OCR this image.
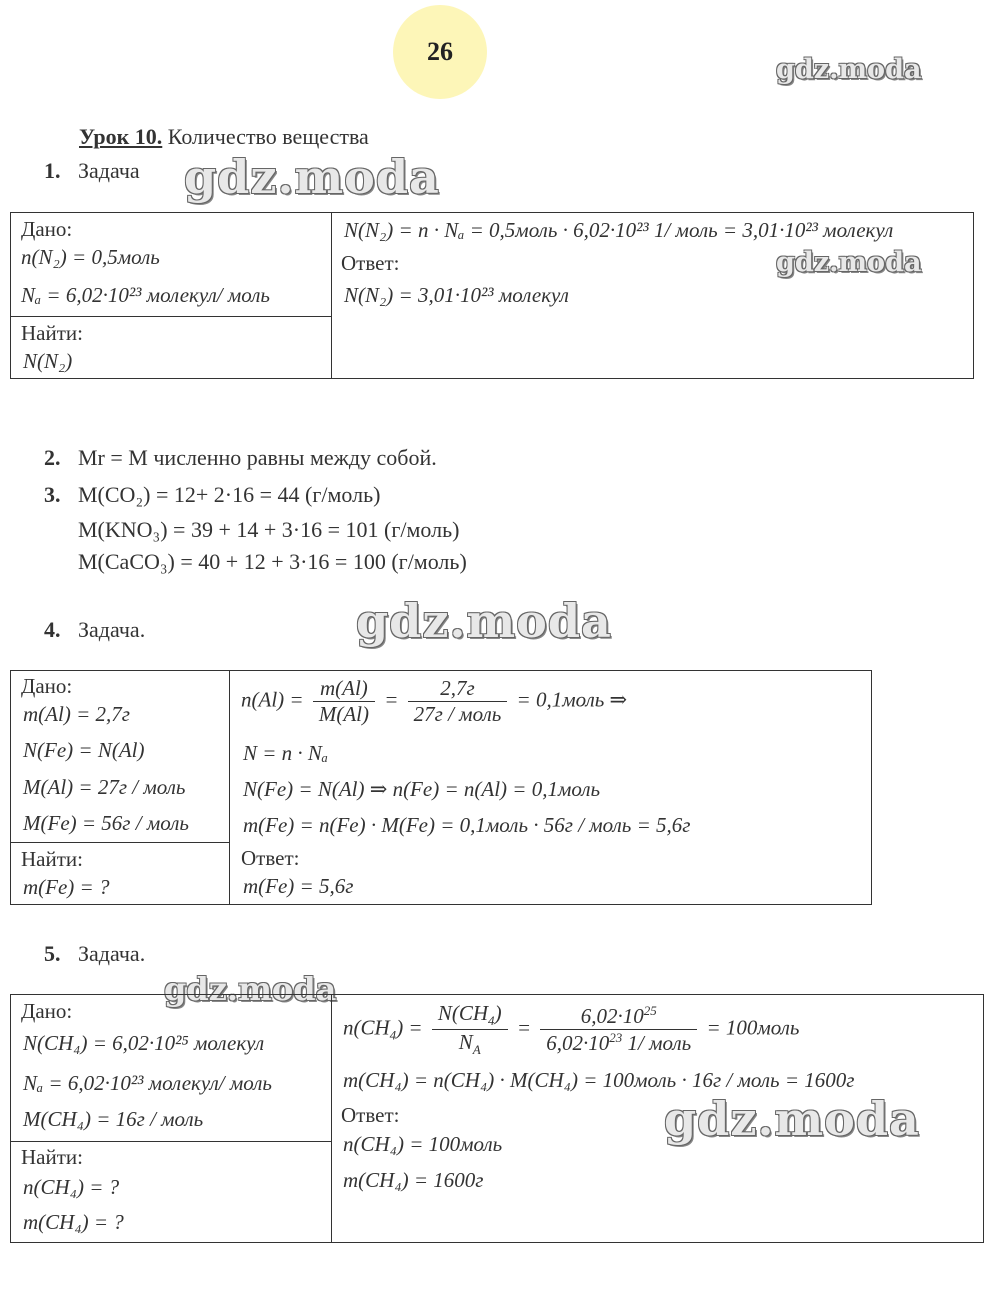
26
gdz.moda
gdz.moda
gdz.moda
gdz.moda
gdz.moda
gdz.moda
Урок 10. Количество вещества
1. Задача
Дано:
n(N₂) = 0,5моль
Nₐ = 6,02·10²³ молекул/ моль
Найти:
N(N₂)
N(N₂) = n · Nₐ = 0,5моль · 6,02·10²³ 1/ моль = 3,01·10²³ молекул
Ответ:
N(N₂) = 3,01·10²³ молекул
2. Mr = M численно равны между собой.
3. M(CO₂) = 12+ 2·16 = 44 (г/моль)
M(KNO₃) = 39 + 14 + 3·16 = 101 (г/моль)
M(CaCO₃) = 40 + 12 + 3·16 = 100 (г/моль)
4. Задача.
Дано:
m(Al) = 2,7г
N(Fe) = N(Al)
M(Al) = 27г / моль
M(Fe) = 56г / моль
Найти:
m(Fe) = ?
$n(Al) = \frac{m(Al)}{M(Al)} = \frac{2,7г}{\text{27г / моль}}$ = 0,1моль ⇒
N = n · Nₐ
N(Fe) = N(Al) ⇒ n(Fe) = n(Al) = 0,1моль
m(Fe) = n(Fe) · M(Fe) = 0,1моль · 56г / моль = 5,6г
Ответ:
m(Fe) = 5,6г
5. Задача.
Дано:
N(CH₄) = 6,02·10²⁵ молекул
Nₐ = 6,02·10²³ молекул/ моль
M(CH₄) = 16г / моль
Найти:
n(CH₄) = ?
m(CH₄) = ?
$n(CH_4) = \frac{N(CH_4)}{N_A} = \frac{6,02\cdot 10^{25}}{6,02\cdot 10^{23} 1/ моль}$ = 100моль
m(CH₄) = n(CH₄) · M(CH₄) = 100моль · 16г / моль = 1600г
Ответ:
n(CH₄) = 100моль
m(CH₄) = 1600г
